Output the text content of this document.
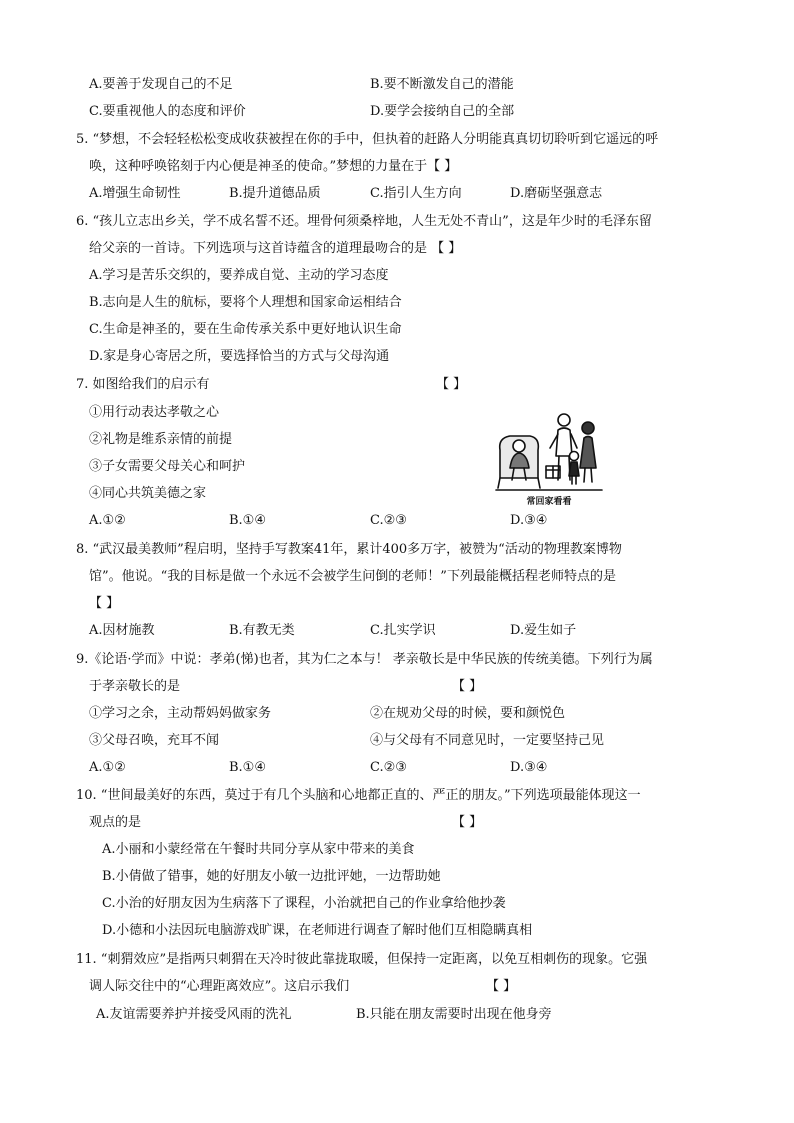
A.要善于发现自己的不足	B.要不断激发自己的潜能
C.要重视他人的态度和评价	D.要学会接纳自己的全部
5. “梦想，不会轻轻松松变成收获被捏在你的手中，但执着的赶路人分明能真真切切聆听到它遥远的呼
唤，这种呼唤铭刻于内心便是神圣的使命。”梦想的力量在于【 】
A.增强生命韧性	B.提升道德品质	C.指引人生方向	D.磨砺坚强意志
6. “孩儿立志出乡关，学不成名誓不还。埋骨何须桑梓地，人生无处不青山”，这是年少时的毛泽东留
给父亲的一首诗。下列选项与这首诗蕴含的道理最吻合的是 【 】
A.学习是苦乐交织的，要养成自觉、主动的学习态度
B.志向是人生的航标，要将个人理想和国家命运相结合
C.生命是神圣的，要在生命传承关系中更好地认识生命
D.家是身心寄居之所，要选择恰当的方式与父母沟通
7. 如图给我们的启示有	【 】
①用行动表达孝敬之心
②礼物是维系亲情的前提
③子女需要父母关心和呵护
④同心共筑美德之家
常回家看看
A.①②	B.①④	C.②③	D.③④
8. “武汉最美教师”程启明，坚持手写教案41年，累计400多万字，被赞为“活动的物理教案博物
馆”。他说。“我的目标是做一个永远不会被学生问倒的老师！”下列最能概括程老师特点的是
【 】
A.因材施教	B.有教无类	C.扎实学识	D.爱生如子
9.《论语·学而》中说：孝弟(悌)也者，其为仁之本与！ 孝亲敬长是中华民族的传统美德。下列行为属
于孝亲敬长的是	【 】
①学习之余，主动帮妈妈做家务	②在规劝父母的时候，要和颜悦色
③父母召唤，充耳不闻	④与父母有不同意见时，一定要坚持己见
A.①②	B.①④	C.②③	D.③④
10. “世间最美好的东西，莫过于有几个头脑和心地都正直的、严正的朋友。”下列选项最能体现这一
观点的是	【 】
A.小丽和小蒙经常在午餐时共同分享从家中带来的美食
B.小倩做了错事，她的好朋友小敏一边批评她，一边帮助她
C.小治的好朋友因为生病落下了课程，小治就把自己的作业拿给他抄袭
D.小德和小法因玩电脑游戏旷课，在老师进行调查了解时他们互相隐瞒真相
11. “刺猬效应”是指两只刺猬在天冷时彼此靠拢取暖，但保持一定距离，以免互相刺伤的现象。它强
调人际交往中的“心理距离效应”。这启示我们	【 】
A.友谊需要养护并接受风雨的洗礼	B.只能在朋友需要时出现在他身旁
